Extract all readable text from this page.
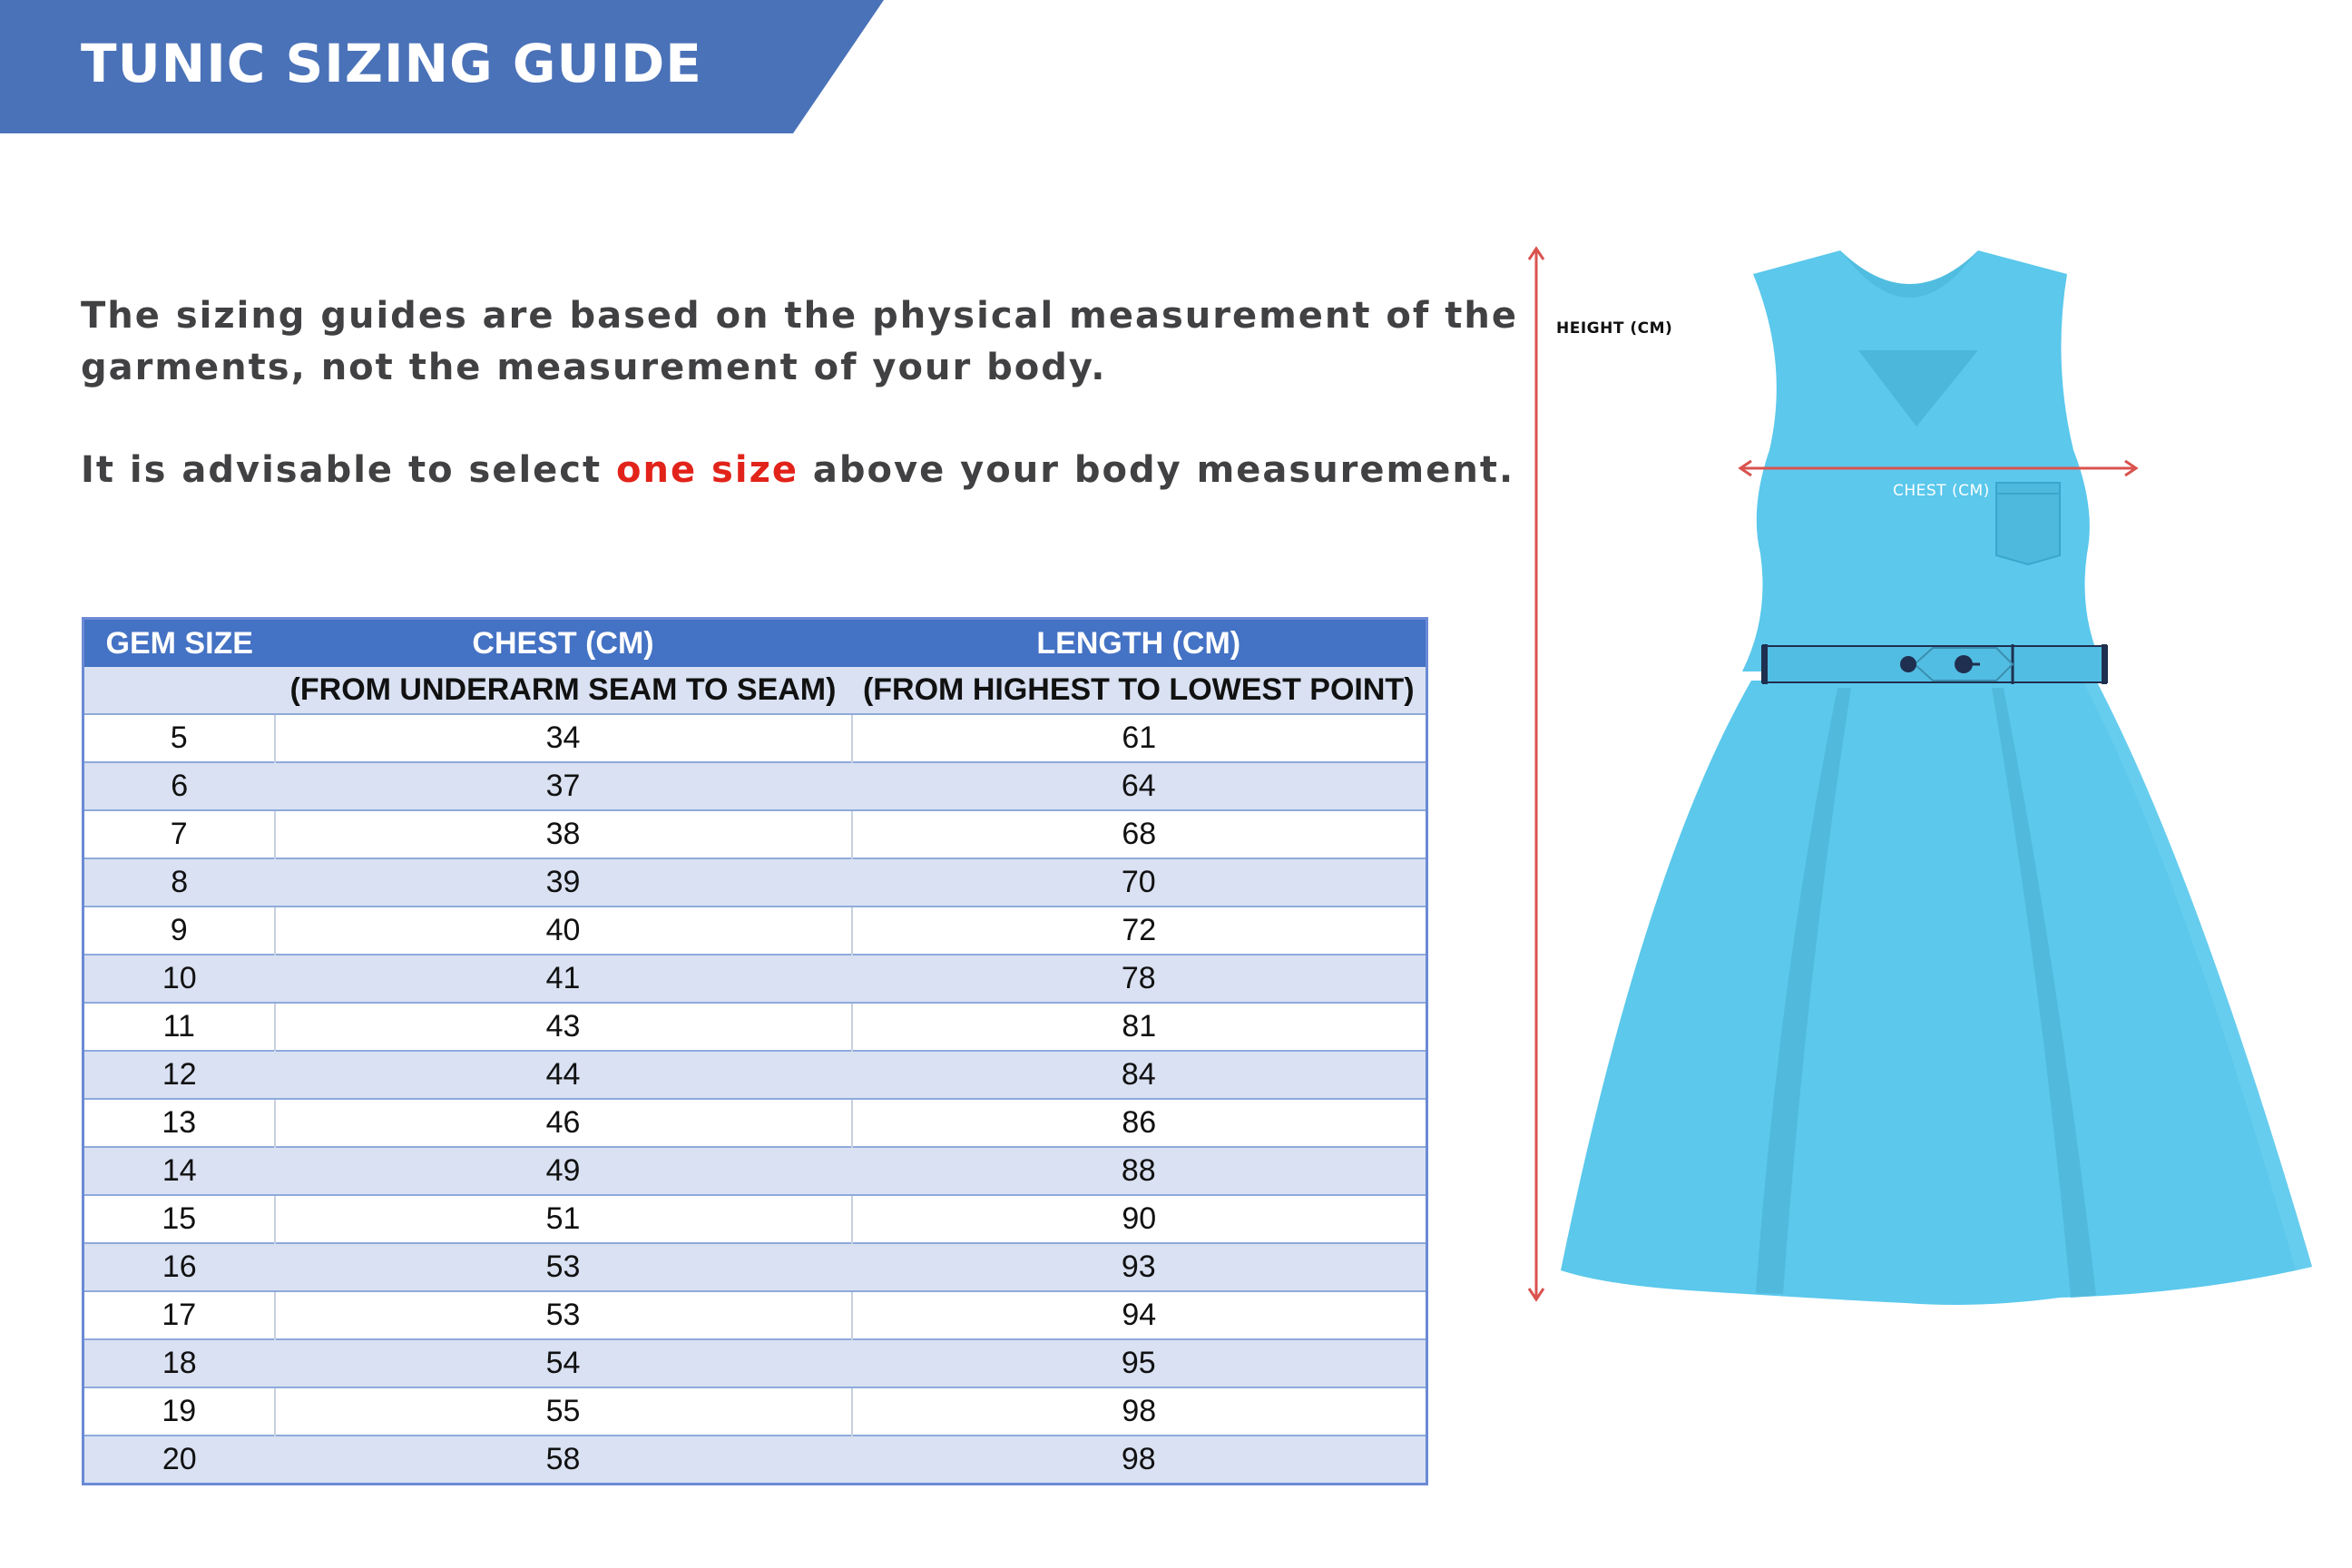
TUNIC SIZING GUIDE

The sizing guides are based on the physical measurement of the
garments, not the measurement of your body.

It is advisable to select one size above your body measurement.

GEM SIZE	CHEST (CM)	LENGTH (CM)
	(FROM UNDERARM SEAM TO SEAM)	(FROM HIGHEST TO LOWEST POINT)
5	34	61
6	37	64
7	38	68
8	39	70
9	40	72
10	41	78
11	43	81
12	44	84
13	46	86
14	49	88
15	51	90
16	53	93
17	53	94
18	54	95
19	55	98
20	58	98
HEIGHT (CM)
CHEST (CM)
